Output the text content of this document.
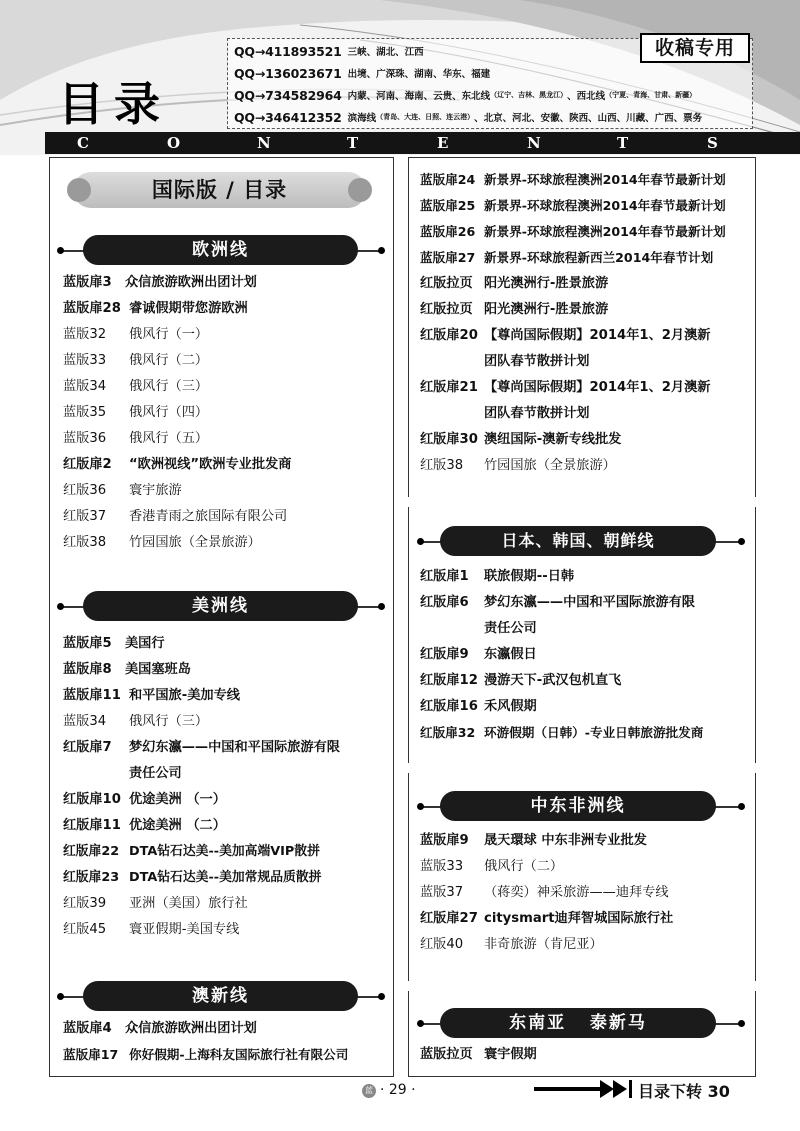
目录
C	O	N	T	E	N	T	S
QQ→411893521 三峡、湖北、江西
QQ→136023671 出境、广深珠、湖南、华东、福建
QQ→734582964 内蒙、河南、海南、云贵、东北线 （辽宁、吉林、黑龙江） 、西北线 （宁夏、青海、甘肃、新疆）
QQ→346412352 滨海线 （青岛、大连、日照、连云港） 、北京、河北、安徽、陕西、山西、川藏、广西、票务
收稿专用
国际版 / 目录
欧洲线
蓝版扉3 众信旅游欧洲出团计划
蓝版扉28 睿诚假期带您游欧洲
蓝版32 俄风行（一）
蓝版33 俄风行（二）
蓝版34 俄风行（三）
蓝版35 俄风行（四）
蓝版36 俄风行（五）
红版扉2 “欧洲视线”欧洲专业批发商
红版36 寰宇旅游
红版37 香港青雨之旅国际有限公司
红版38 竹园国旅（全景旅游）
美洲线
蓝版扉5 美国行
蓝版扉8 美国塞班岛
蓝版扉11 和平国旅-美加专线
蓝版34 俄风行（三）
红版扉7 梦幻东瀛——中国和平国际旅游有限
责任公司
红版扉10 优途美洲 （一）
红版扉11 优途美洲 （二）
红版扉22 DTA钻石达美--美加高端VIP散拼
红版扉23 DTA钻石达美--美加常规品质散拼
红版39 亚洲（美国）旅行社
红版45 寰亚假期-美国专线
澳新线
蓝版扉4 众信旅游欧洲出团计划
蓝版扉17 你好假期-上海科友国际旅行社有限公司
蓝版扉24 新景界-环球旅程澳洲2014年春节最新计划
蓝版扉25 新景界-环球旅程澳洲2014年春节最新计划
蓝版扉26 新景界-环球旅程澳洲2014年春节最新计划
蓝版扉27 新景界-环球旅程新西兰2014年春节计划
红版拉页 阳光澳洲行-胜景旅游
红版拉页 阳光澳洲行-胜景旅游
红版扉20 【尊尚国际假期】2014年1、2月澳新
团队春节散拼计划
红版扉21 【尊尚国际假期】2014年1、2月澳新
团队春节散拼计划
红版扉30 澳纽国际-澳新专线批发
红版38 竹园国旅（全景旅游）
日本、韩国、朝鲜线
红版扉1 联旅假期--日韩
红版扉6 梦幻东瀛——中国和平国际旅游有限
责任公司
红版扉9 东瀛假日
红版扉12 漫游天下-武汉包机直飞
红版扉16 禾风假期
红版扉32 环游假期（日韩）-专业日韩旅游批发商
中东非洲线
蓝版扉9 晟天環球 中东非洲专业批发
蓝版33 俄风行（二）
蓝版37 （蒋奕）神采旅游——迪拜专线
红版扉27 citysmart迪拜智城国际旅行社
红版40 非奇旅游（肯尼亚）
东南亚   泰新马
蓝版拉页 寰宇假期
蓝 · 29 ·	目录下转 30
